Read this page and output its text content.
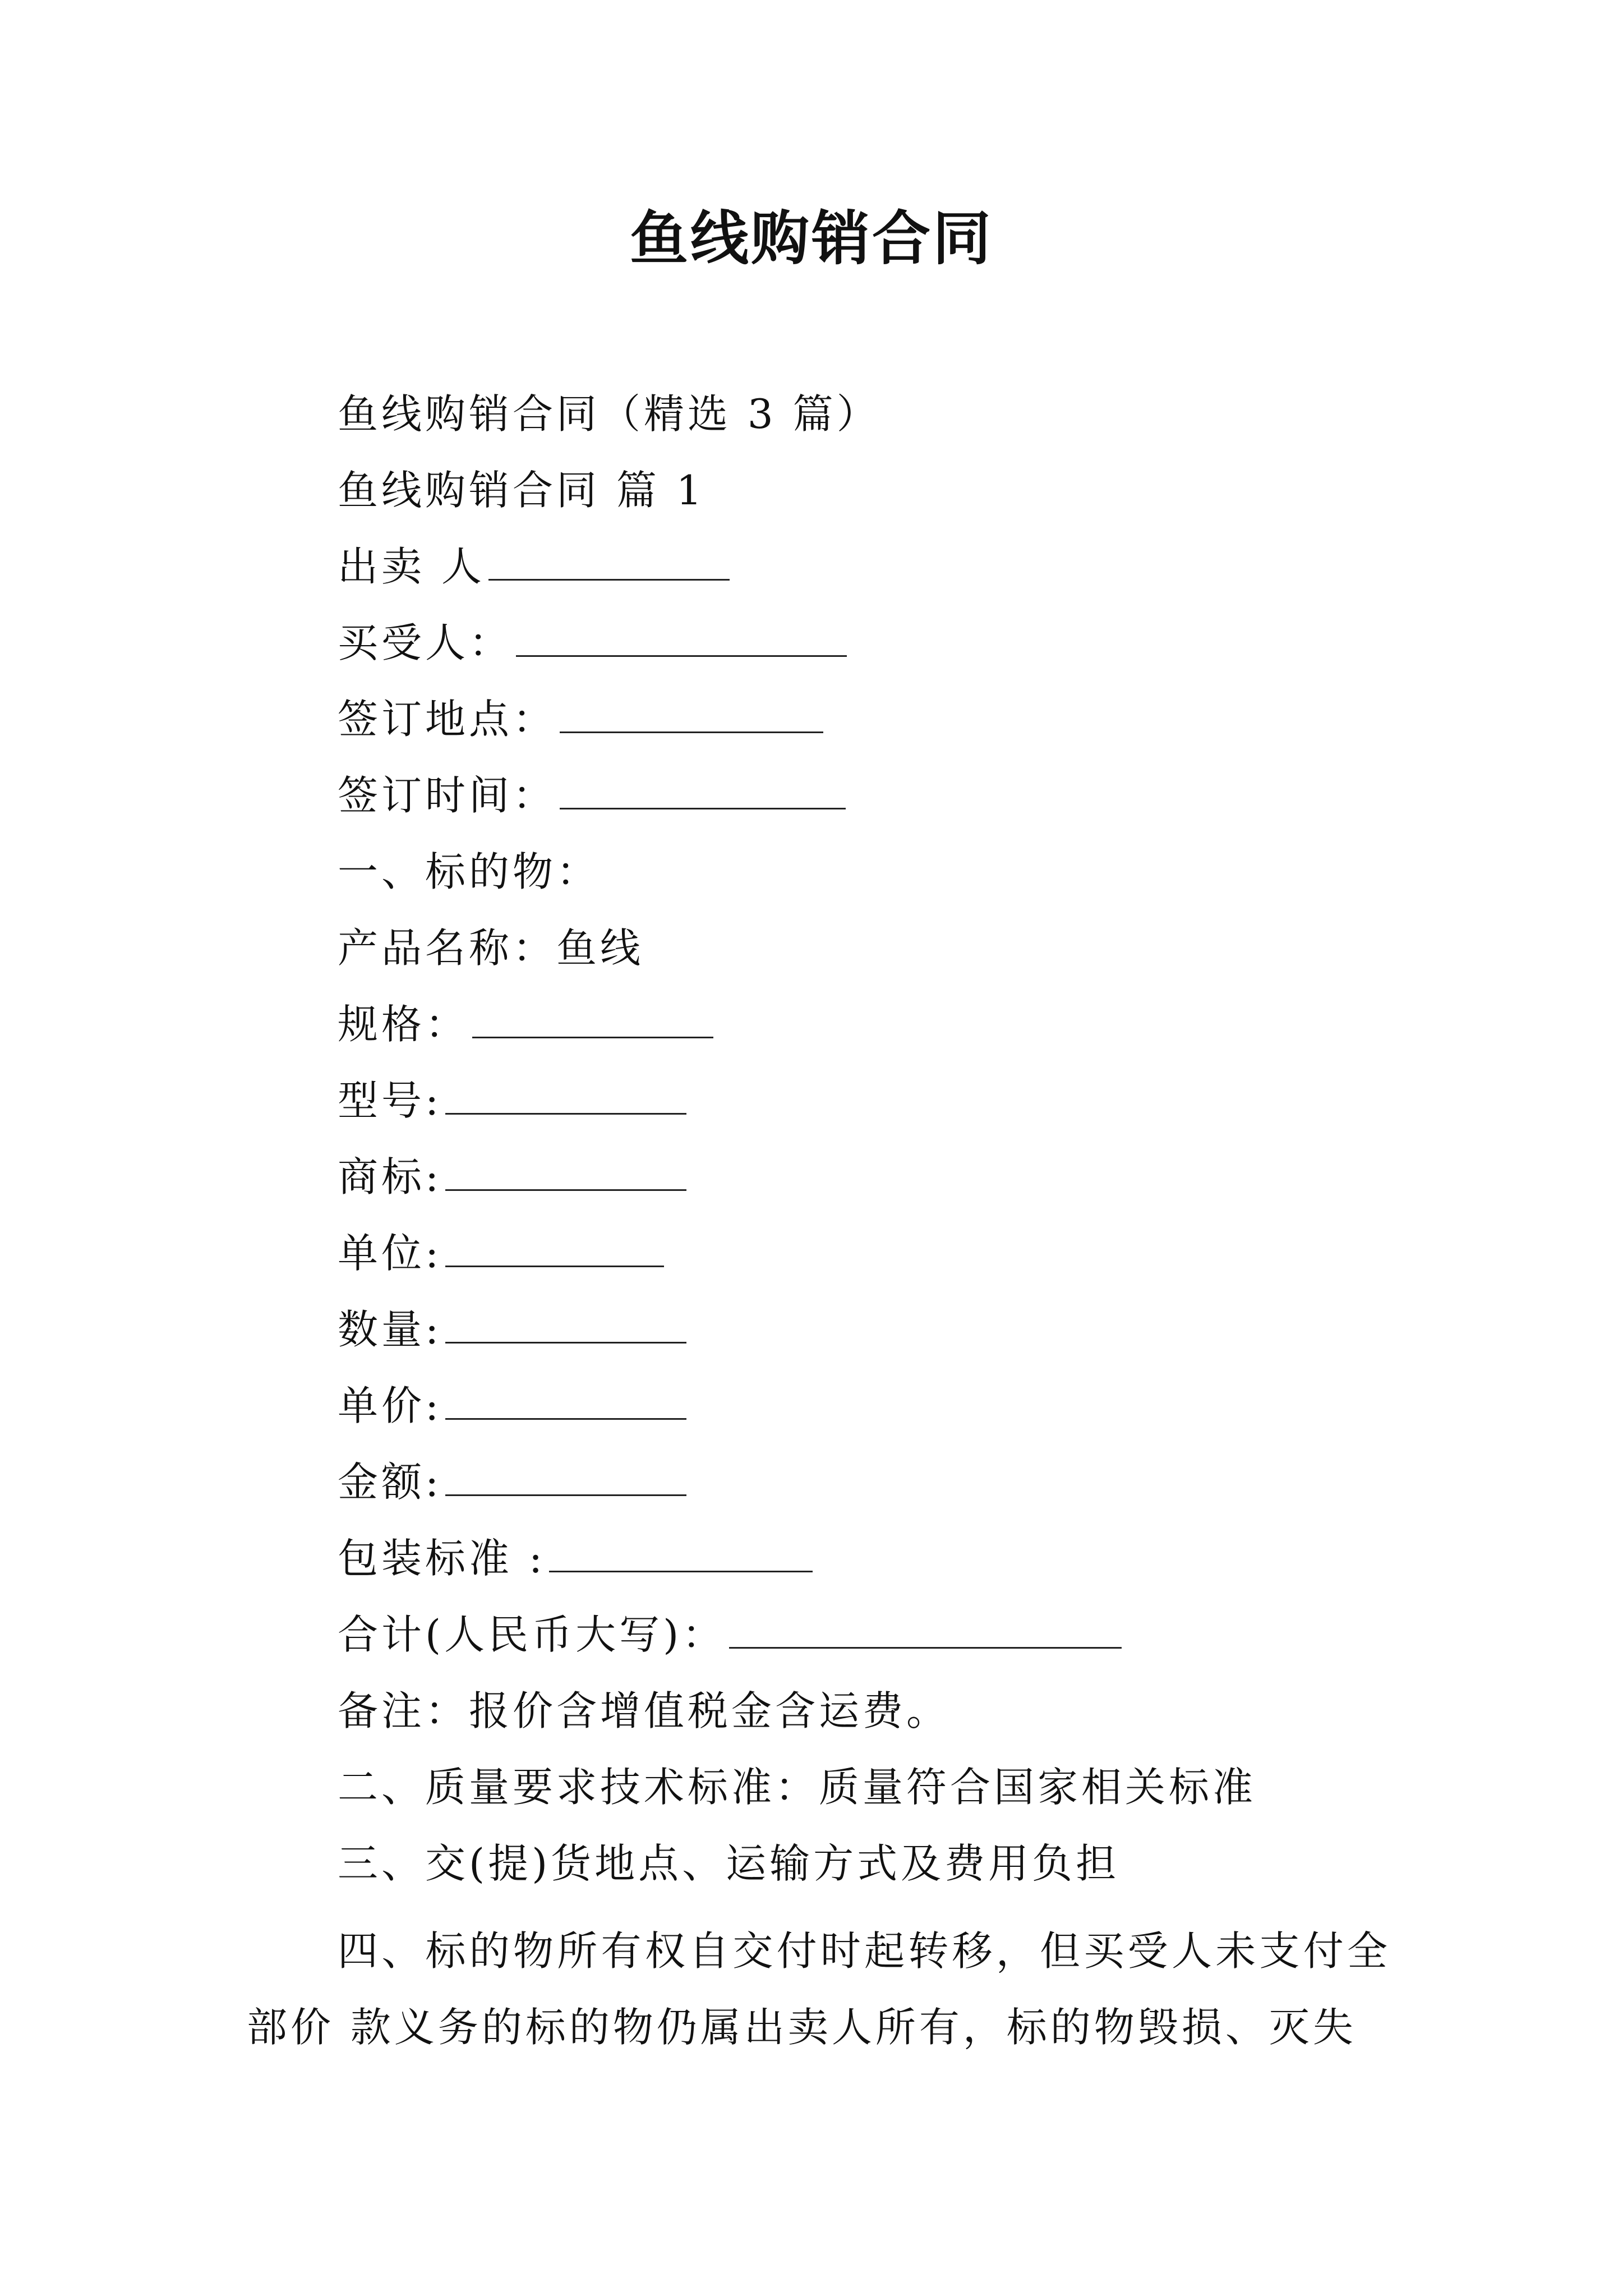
鱼线购销合同
鱼线购销合同（精选 3 篇）
鱼线购销合同 篇 1
出卖 人
买受人：
签订地点：
签订时间：
一、标的物：
产品名称：鱼线
规格：
型号:
商标:
单位:
数量:
单价:
金额:
包装标准 :
合计(人民币大写)：
备注：报价含增值税金含运费。
二、质量要求技术标准：质量符合国家相关标准
三、交(提)货地点、运输方式及费用负担
四、标的物所有权自交付时起转移，但买受人未支付全部价 款义务的标的物仍属出卖人所有，标的物毁损、灭失
